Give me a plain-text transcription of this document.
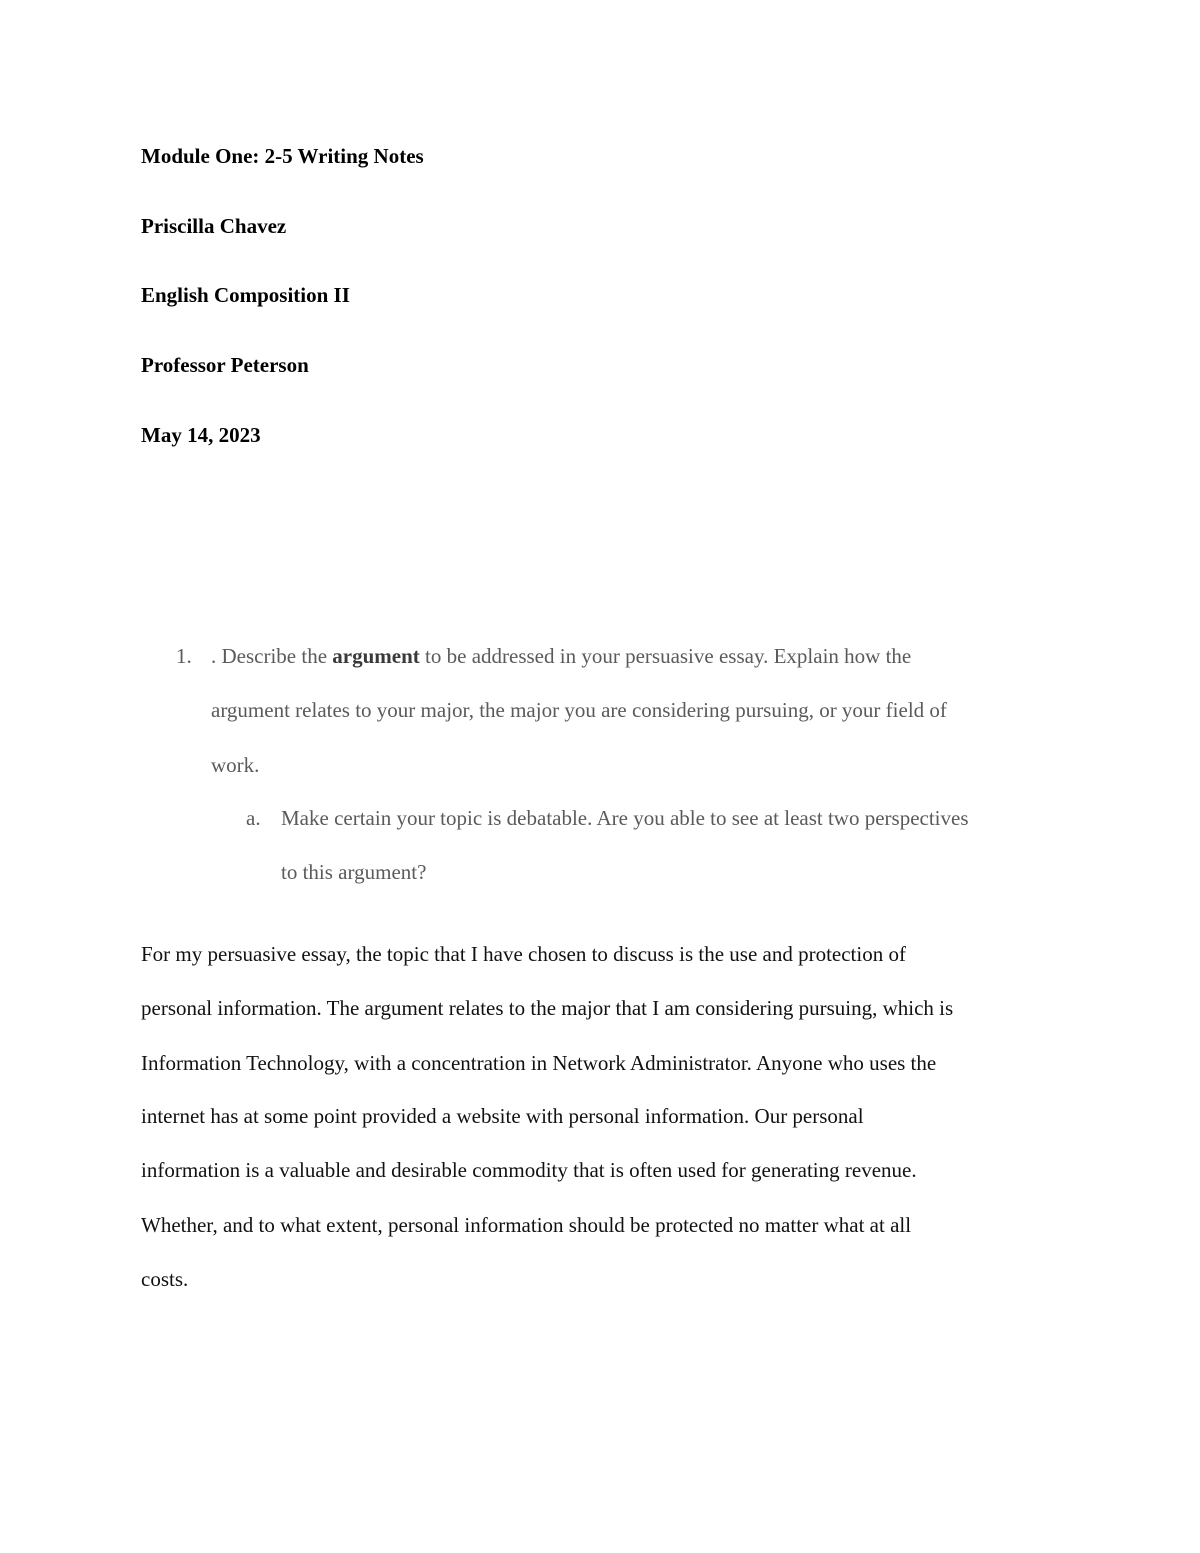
Module One: 2-5 Writing Notes
Priscilla Chavez
English Composition II
Professor Peterson
May 14, 2023
1. . Describe the argument to be addressed in your persuasive essay. Explain how the
argument relates to your major, the major you are considering pursuing, or your field of
work.
a. Make certain your topic is debatable. Are you able to see at least two perspectives
to this argument?
For my persuasive essay, the topic that I have chosen to discuss is the use and protection of
personal information. The argument relates to the major that I am considering pursuing, which is
Information Technology, with a concentration in Network Administrator. Anyone who uses the
internet has at some point provided a website with personal information. Our personal
information is a valuable and desirable commodity that is often used for generating revenue.
Whether, and to what extent, personal information should be protected no matter what at all
costs.
